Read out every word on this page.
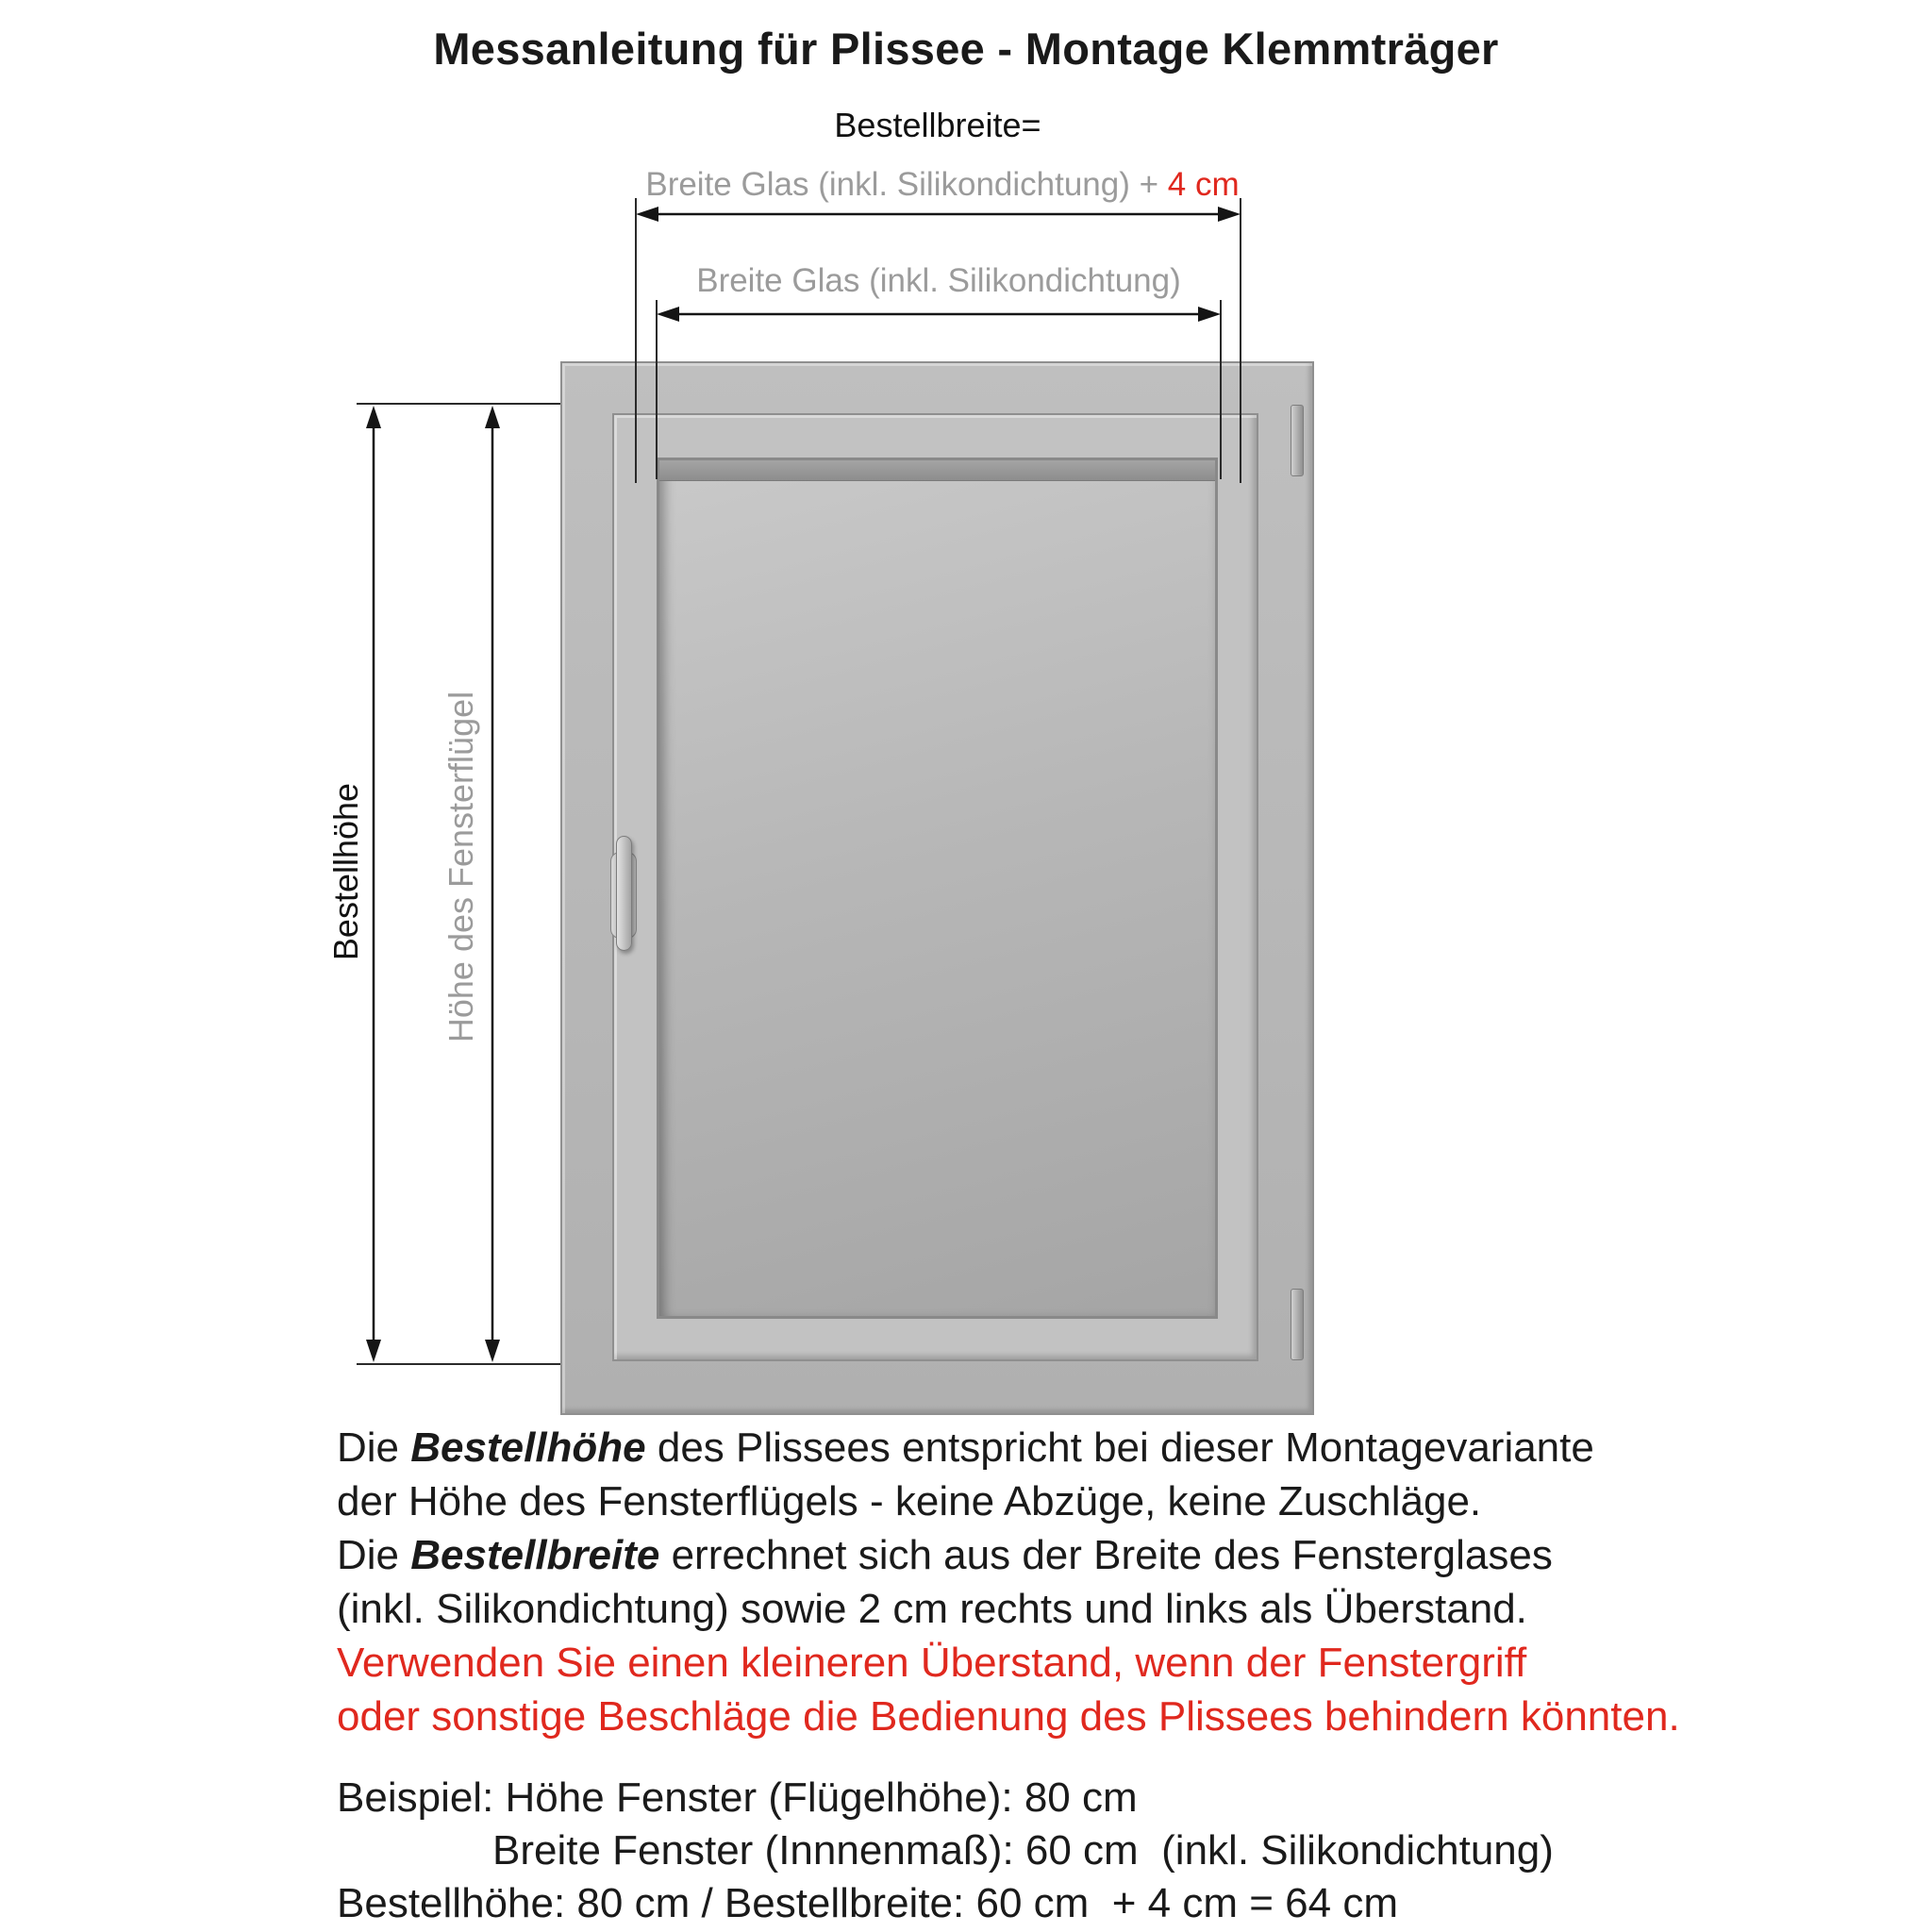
Messanleitung für Plissee - Montage Klemmträger
Bestellbreite=
Breite Glas (inkl. Silikondichtung) + 4 cm
Breite Glas (inkl. Silikondichtung)
Bestellhöhe Höhe des Fensterflügel
Die Bestellhöhe des Plissees entspricht bei dieser Montagevariante
der Höhe des Fensterflügels - keine Abzüge, keine Zuschläge.
Die Bestellbreite errechnet sich aus der Breite des Fensterglases
(inkl. Silikondichtung) sowie 2 cm rechts und links als Überstand.
Verwenden Sie einen kleineren Überstand, wenn der Fenstergriff
oder sonstige Beschläge die Bedienung des Plissees behindern könnten.
Beispiel: Höhe Fenster (Flügelhöhe): 80 cm
Breite Fenster (Innnenmaß): 60 cm  (inkl. Silikondichtung)
Bestellhöhe: 80 cm / Bestellbreite: 60 cm  + 4 cm = 64 cm
